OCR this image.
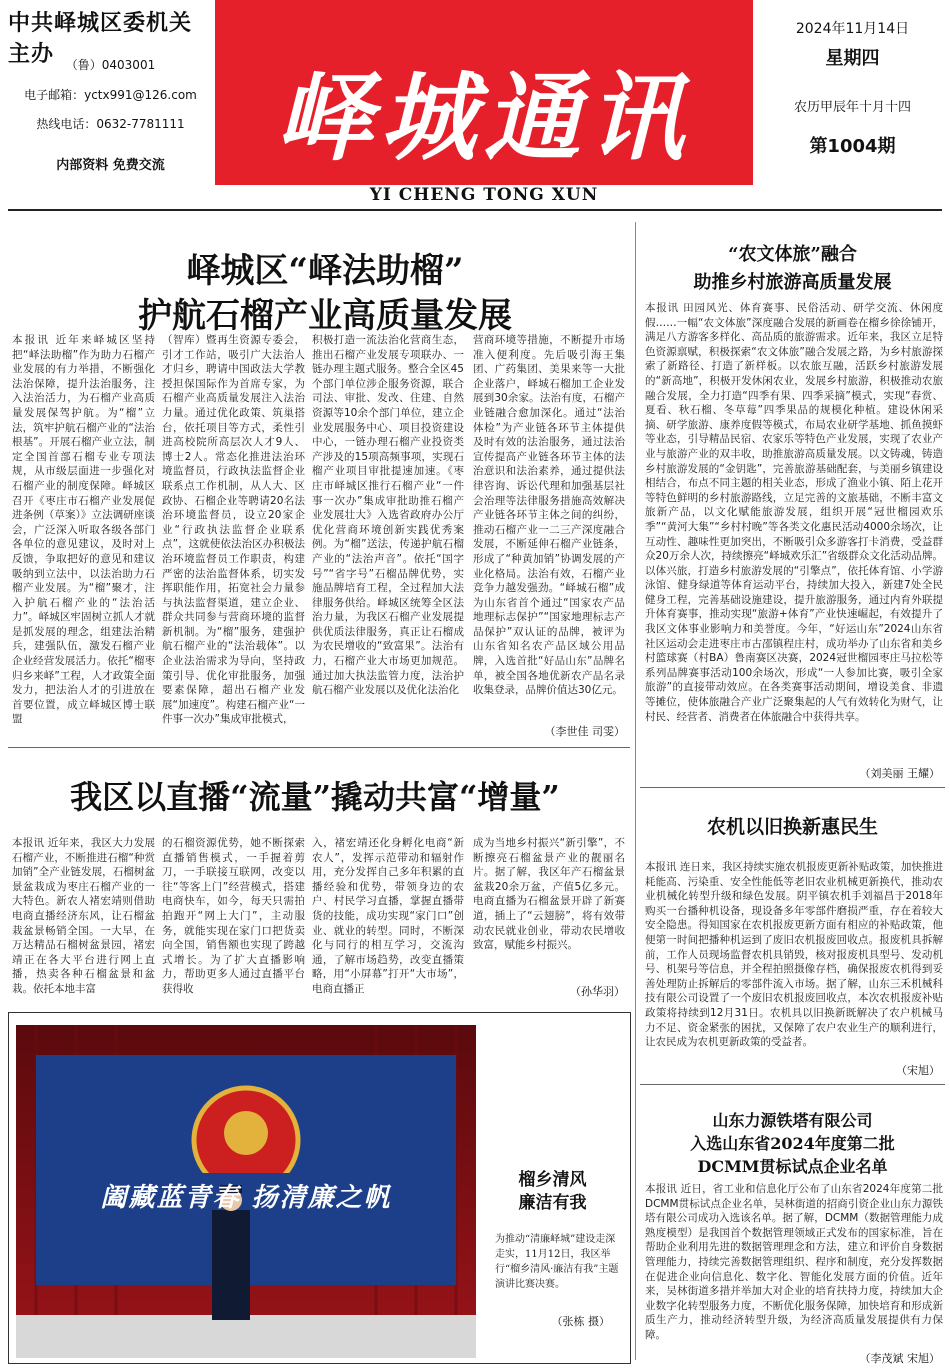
中共峄城区委机关主办 （鲁）0403001
电子邮箱：yctx991@126.com
热线电话：0632-7781111
内部资料 免费交流	峄城通讯
YI CHENG TONG XUN
2024年11月14日
星期四
农历甲辰年十月十四
第1004期
峄城区“峄法助榴”
护航石榴产业高质量发展
本报讯 近年来峄城区坚持把“峄法助榴”作为助力石榴产业发展的有力举措，不断强化法治保障，提升法治服务，注入法治活力，为石榴产业高质量发展保驾护航。为“榴”立法，筑牢护航石榴产业的“法治根基”。开展石榴产业立法，制定全国首部石榴专业专项法规，从市级层面进一步强化对石榴产业的制度保障。峄城区召开《枣庄市石榴产业发展促进条例（草案）》立法调研座谈会，广泛深入听取各级各部门各单位的意见建议，及时对上反馈，争取把好的意见和建议吸纳到立法中，以法治助力石榴产业发展。为“榴”聚才，注入护航石榴产业的“法治活力”。峄城区牢固树立抓人才就是抓发展的理念，组建法治精兵，建强队伍，激发石榴产业企业经营发展活力。依托“榴枣归乡来峄”工程，人才政策全面发力，把法治人才的引进放在首要位置，成立峄城区博士联盟
（智库）暨再生资源专委会，引才工作站，吸引广大法治人才归乡，聘请中国政法大学教授担保国际作为首席专家，为石榴产业高质量发展注入法治力量。通过优化政策、筑巢搭台，依托项目等方式，柔性引进高校院所高层次人才9人、博士2人。常态化推进法治环境监督员，行政执法监督企业联系点工作机制，从人大、区政协、石榴企业等聘请20名法治环境监督员，设立20家企业“行政执法监督企业联系点”，这就使依法治区办积极法治环境监督员工作职责，构建严密的法治监督体系，切实发挥职能作用，拓宽社会力量参与执法监督渠道，建立企业、群众共同参与营商环境的监督新机制。为“榴”服务，建强护航石榴产业的“法治载体”。以企业法治需求为导向，坚持政策引导、优化审批服务，加强要素保障，超出石榴产业发展“加速度”。构建石榴产业“一件事一次办”集成审批模式，
积极打造一流法治化营商生态，推出石榴产业发展专项联办、一链办理主题式服务。整合全区45个部门单位涉企服务资源，联合司法、审批、发改、住建、自然资源等10余个部门单位，建立企业发展服务中心、项目投资建设中心，一链办理石榴产业投资类产涉及的15项高频事项，实现石榴产业项目审批提速加速。《枣庄市峄城区推行石榴产业“一件事一次办”集成审批助推石榴产业发展壮大》入选省政府办公厅优化营商环境创新实践优秀案例。为“榴”送法，传递护航石榴产业的“法治声音”。依托“国字号”“省字号”石榴品牌优势，实施品牌培育工程，全过程加大法律服务供给。峄城区统筹全区法治力量，为我区石榴产业发展提供优质法律服务，真正让石榴成为农民增收的“致富果”。法治有力，石榴产业大市场更加规范。通过加大执法监管力度，法治护航石榴产业发展以及优化法治化
营商环境等措施，不断提升市场准入便利度。先后吸引海王集团、广药集团、美果来等一大批企业落户，峄城石榴加工企业发展到30余家。法治有度，石榴产业链融合愈加深化。通过“法治体检”为产业链各环节主体提供及时有效的法治服务，通过法治宣传提高产业链各环节主体的法治意识和法治素养，通过提供法律咨询、诉讼代理和加强基层社会治理等法律服务措施高效解决产业链各环节主体之间的纠纷，推动石榴产业一二三产深度融合发展，不断延伸石榴产业链条，形成了“种黄加销”协调发展的产业化格局。法治有效，石榴产业竞争力越发强劲。“峄城石榴”成为山东省首个通过“国家农产品地理标志保护”“国家地理标志产品保护”双认证的品牌，被评为山东省知名农产品区域公用品牌，入选首批“好品山东”品牌名单，被全国各地优新农产品名录收集登录，品牌价值达30亿元。
（李世佳 司雯）
我区以直播“流量”撬动共富“增量”
本报讯 近年来，我区大力发展石榴产业，不断推进石榴“种赏加销”全产业链发展，石榴树盆景盆栽成为枣庄石榴产业的一大特色。新农人褚宏靖则借助电商直播经济东风，让石榴盆栽盆景畅销全国。一大早，在万达精品石榴树盆景园，褚宏靖正在各大平台进行网上直播，热卖各种石榴盆景和盆栽。依托本地丰富
的石榴资源优势，她不断探索直播销售模式，一手握着剪刀，一手联接互联网，改变以往“等客上门”经营模式，搭建电商快车，如今，每天只需拍拍跑开“网上大门”，主动服务，就能实现在家门口把货卖向全国，销售额也实现了跨越式增长。为了扩大直播影响力，帮助更多人通过直播平台获得收
入，褚宏靖还化身孵化电商“新农人”，发挥示范带动和辐射作用，充分发挥自己多年积累的直播经验和优势，带领身边的农户、村民学习直播，掌握直播带货的技能，成功实现“家门口”创业、就业的转型。同时，不断深化与同行的相互学习，交流沟通，了解市场趋势，改变直播策略，用“小屏幕”打开“大市场”，电商直播正
成为当地乡村振兴“新引擎”，不断擦亮石榴盆景产业的靓丽名片。据了解，我区年产石榴盆景盆栽20余万盆，产值5亿多元。电商直播为石榴盆景开辟了新赛道，插上了“云翅膀”，将有效带动农民就业创业，带动农民增收致富，赋能乡村振兴。
（孙华羽）
阖藏蓝青春 扬清廉之帆
榴乡清风
廉洁有我
为推动“清廉峄城”建设走深走实，11月12日，我区举行“榴乡清风·廉洁有我”主题演讲比赛决赛。
（张栋 摄）
“农文体旅”融合
助推乡村旅游高质量发展
本报讯 田园风光、体育赛事、民俗活动、研学交流、休闲度假……一幅“农文体旅”深度融合发展的新画卷在榴乡徐徐铺开，满足八方游客多样化、高品质的旅游需求。近年来，我区立足特色资源禀赋，积极探索“农文体旅”融合发展之路，为乡村旅游探索了新路径、打造了新样板。以农旅互融，活跃乡村旅游发展的“新高地”，积极开发休闲农业，发展乡村旅游，积极推动农旅融合发展，全力打造“四季有果、四季采摘”模式，实现“春赏、夏看、秋石榴、冬草莓”四季果品的规模化种植。建设休闲采摘、研学旅游、康养度假等模式，布局农业研学基地、抓鱼摸虾等业态，引导精品民宿、农家乐等特色产业发展，实现了农业产业与旅游产业的双丰收，助推旅游高质量发展。以文铸魂，铸造乡村旅游发展的“金钥匙”，完善旅游基础配套，与美丽乡镇建设相结合，布点不同主题的相关业态，形成了渔业小镇、陌上花开等特色鲜明的乡村旅游路线，立足完善的文旅基础，不断丰富文旅新产品，以文化赋能旅游发展，组织开展“冠世榴园欢乐季”“黄河大集”“乡村村晚”等各类文化惠民活动4000余场次，让互动性、趣味性更加突出，不断吸引众多游客打卡消费，受益群众20万余人次，持续擦亮“峄城欢乐汇”省级群众文化活动品牌。以体兴旅，打造乡村旅游发展的“引擎点”，依托体育馆、小学游泳馆、健身绿道等体育运动平台，持续加大投入，新建7处全民健身工程，完善基础设施建设，提升旅游服务，通过内育外联提升体育赛事，推动实现“旅游+体育”产业快速崛起，有效提升了我区文体事业影响力和美誉度。今年，“好运山东”2024山东省社区运动会走进枣庄市古邵镇程庄村，成功举办了山东省和美乡村篮球赛（村BA）鲁南赛区决赛，2024冠世榴园枣庄马拉松等系列品牌赛事活动100余场次，形成“一人参加比赛，吸引全家旅游”的直接带动效应。在各类赛事活动期间，增设美食、非遗等摊位，使体旅融合产业广泛聚集起的人气有效转化为财气，让村民、经营者、消费者在体旅融合中获得共享。
（刘美丽 王耀）
农机以旧换新惠民生
本报讯 连日来，我区持续实施农机报废更新补贴政策，加快推进耗能高、污染重、安全性能低等老旧农业机械更新换代，推动农业机械化转型升级和绿色发展。阴平镇农机手刘福昌于2018年购买一台播种机设备，现设备多年零部件磨损严重，存在着较大安全隐患。得知国家在农机报废更新方面有相应的补贴政策，他便第一时间把播种机运到了废旧农机报废回收点。报废机具拆解前，工作人员现场监督农机具销毁，核对报废机具型号、发动机号、机架号等信息，并全程拍照摄像存档，确保报废农机得到妥善处理防止拆解后的零部件流入市场。据了解，山东三禾机械科技有限公司设置了一个废旧农机报废回收点，本次农机报废补贴政策将持续到12月31日。农机具以旧换新既解决了农户机械马力不足、资金紧张的困扰，又保障了农户农业生产的顺利进行，让农民成为农机更新政策的受益者。
（宋旭）
山东力源铁塔有限公司
入选山东省2024年度第二批
DCMM贯标试点企业名单
本报讯 近日，省工业和信息化厅公布了山东省2024年度第二批DCMM贯标试点企业名单，吴林街道的招商引资企业山东力源铁塔有限公司成功入选该名单。据了解，DCMM（数据管理能力成熟度模型）是我国首个数据管理领域正式发布的国家标准，旨在帮助企业利用先进的数据管理理念和方法，建立和评价自身数据管理能力，持续完善数据管理组织、程序和制度，充分发挥数据在促进企业向信息化、数字化、智能化发展方面的价值。近年来，吴林街道多措并举加大对企业的培育扶持力度，持续加大企业数字化转型服务力度，不断优化服务保障，加快培育和形成新质生产力，推动经济转型升级，为经济高质量发展提供有力保障。
（李茂斌 宋旭）
